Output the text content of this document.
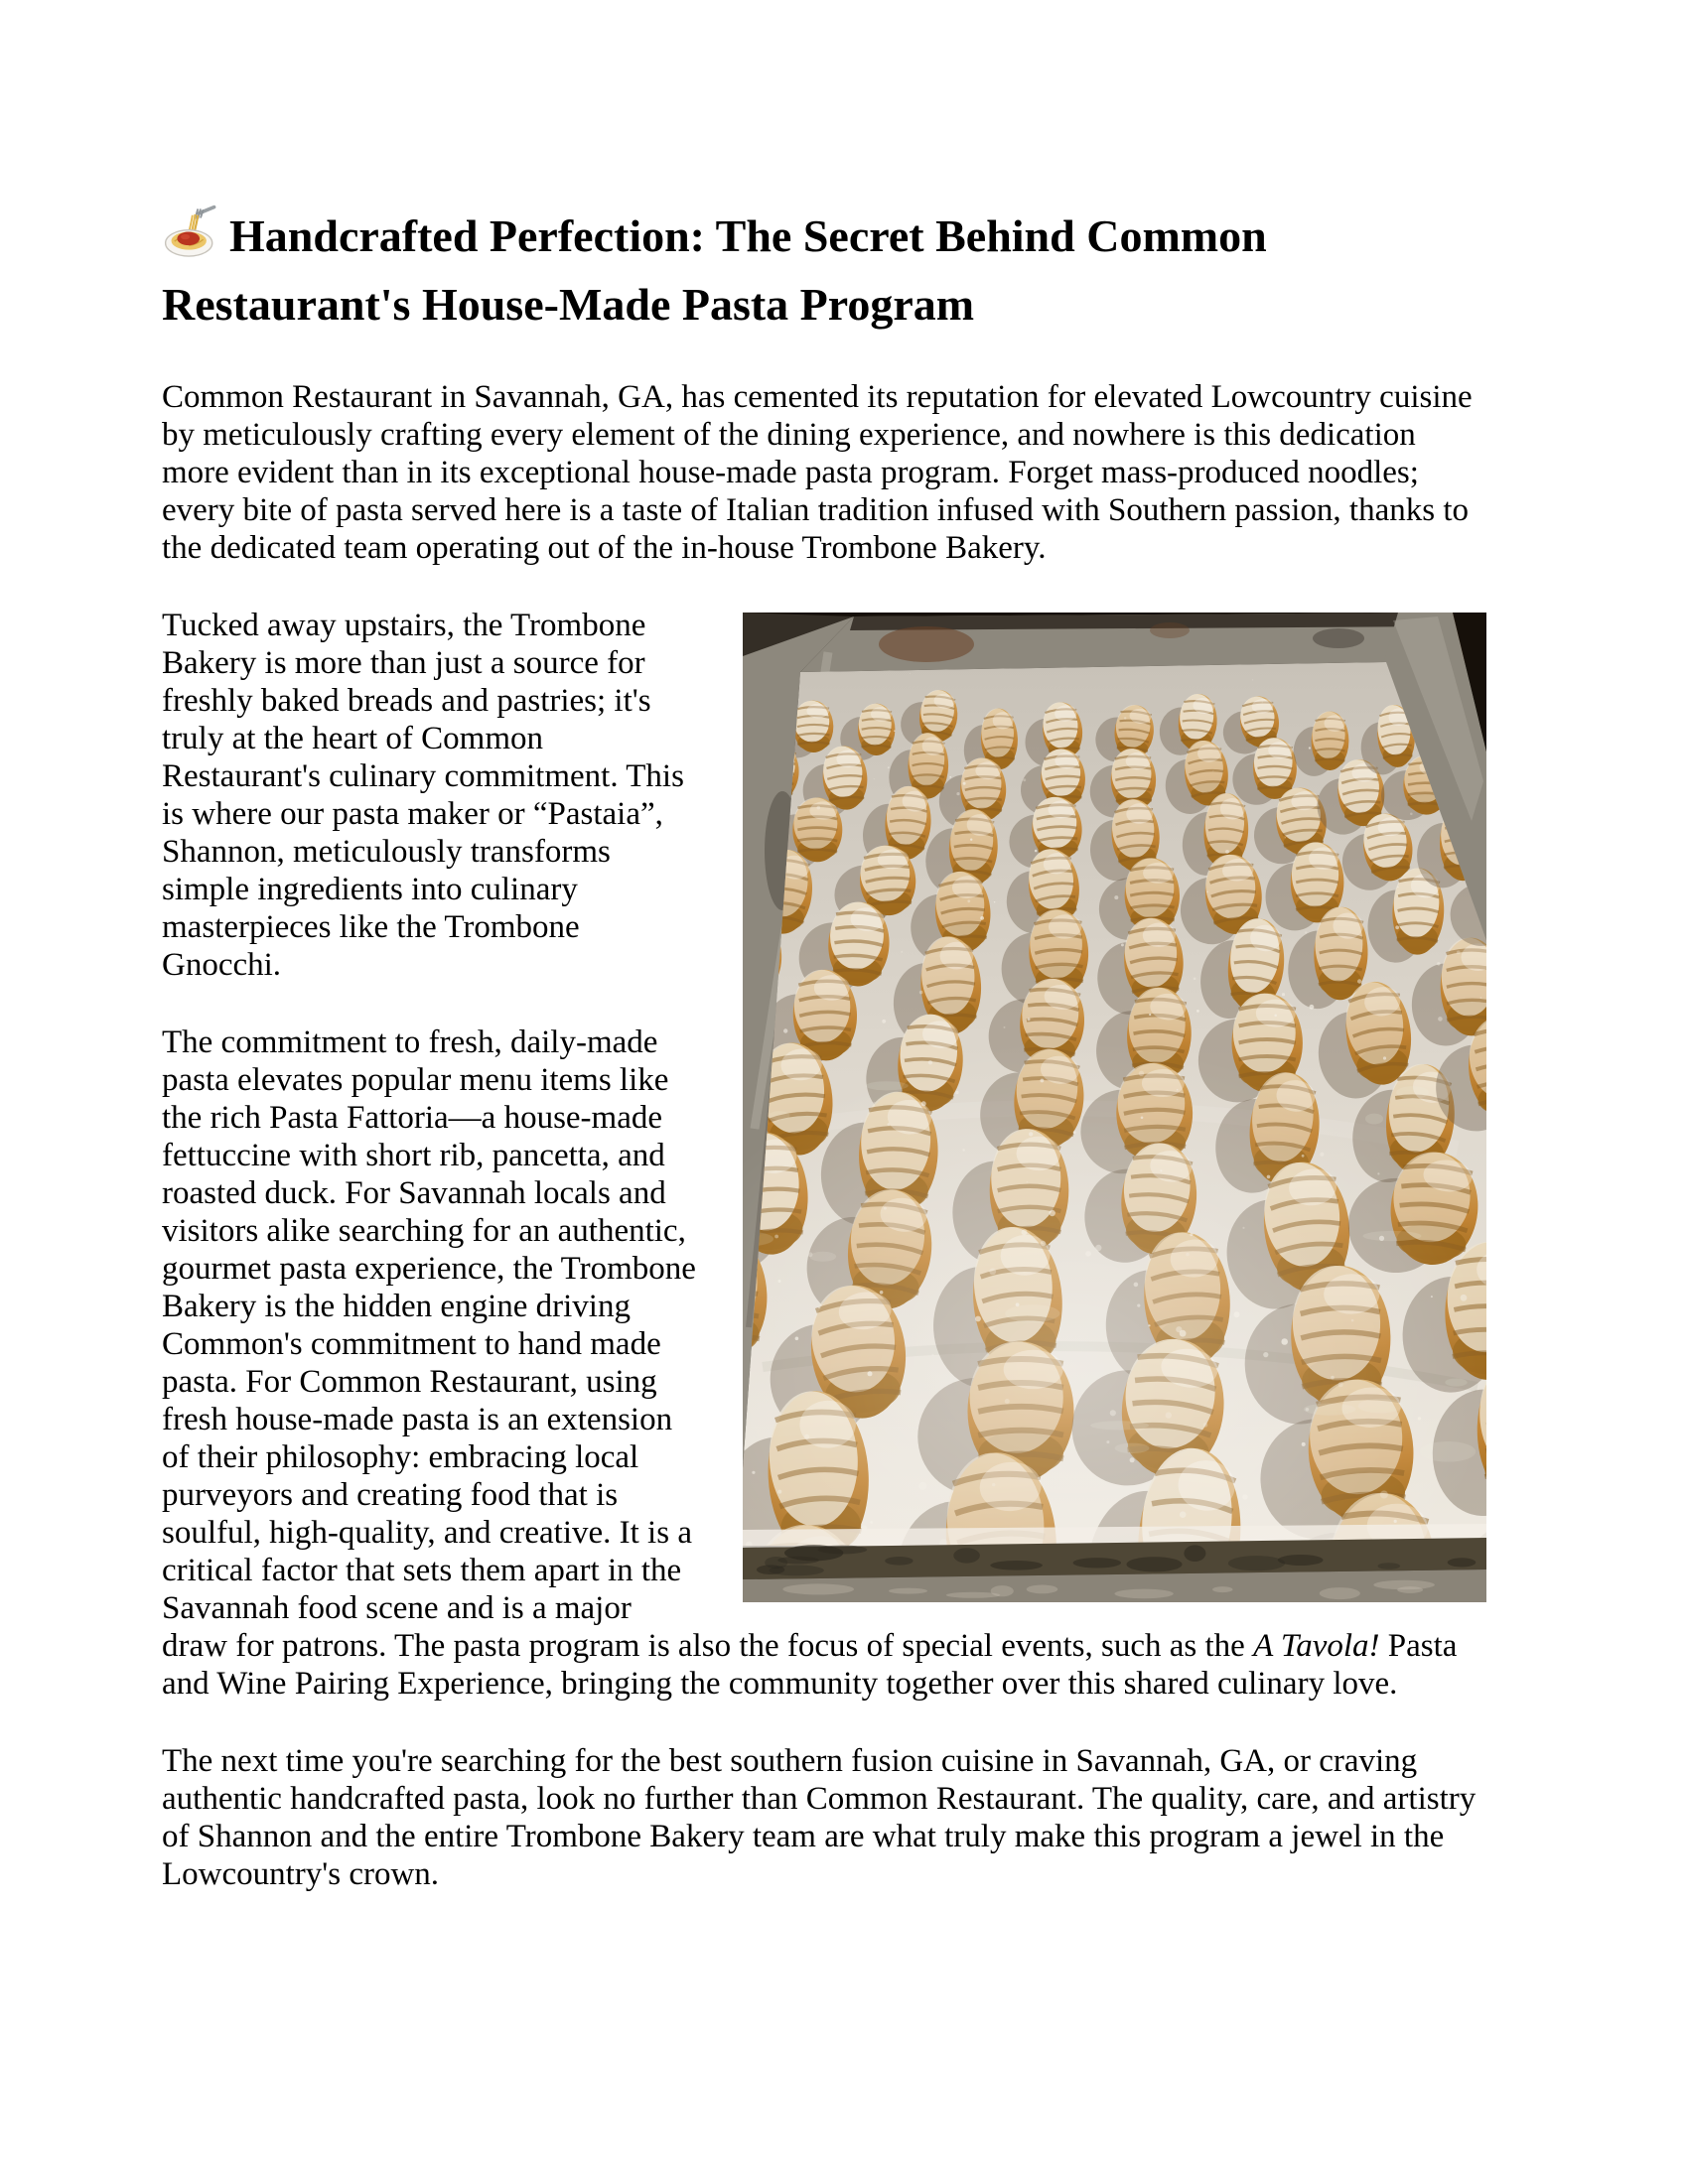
Handcrafted Perfection: The Secret Behind Common Restaurant's House-Made Pasta Program

Common Restaurant in Savannah, GA, has cemented its reputation for elevated Lowcountry cuisine by meticulously crafting every element of the dining experience, and nowhere is this dedication more evident than in its exceptional house-made pasta program. Forget mass-produced noodles; every bite of pasta served here is a taste of Italian tradition infused with Southern passion, thanks to the dedicated team operating out of the in-house Trombone Bakery.

Tucked away upstairs, the Trombone Bakery is more than just a source for freshly baked breads and pastries; it's truly at the heart of Common Restaurant's culinary commitment. This is where our pasta maker or “Pastaia”, Shannon, meticulously transforms simple ingredients into culinary masterpieces like the Trombone Gnocchi.

The commitment to fresh, daily-made pasta elevates popular menu items like the rich Pasta Fattoria—a house-made fettuccine with short rib, pancetta, and roasted duck. For Savannah locals and visitors alike searching for an authentic, gourmet pasta experience, the Trombone Bakery is the hidden engine driving Common's commitment to hand made pasta. For Common Restaurant, using fresh house-made pasta is an extension of their philosophy: embracing local purveyors and creating food that is soulful, high-quality, and creative. It is a critical factor that sets them apart in the Savannah food scene and is a major draw for patrons. The pasta program is also the focus of special events, such as the A Tavola! Pasta and Wine Pairing Experience, bringing the community together over this shared culinary love.

The next time you're searching for the best southern fusion cuisine in Savannah, GA, or craving authentic handcrafted pasta, look no further than Common Restaurant. The quality, care, and artistry of Shannon and the entire Trombone Bakery team are what truly make this program a jewel in the Lowcountry's crown.
